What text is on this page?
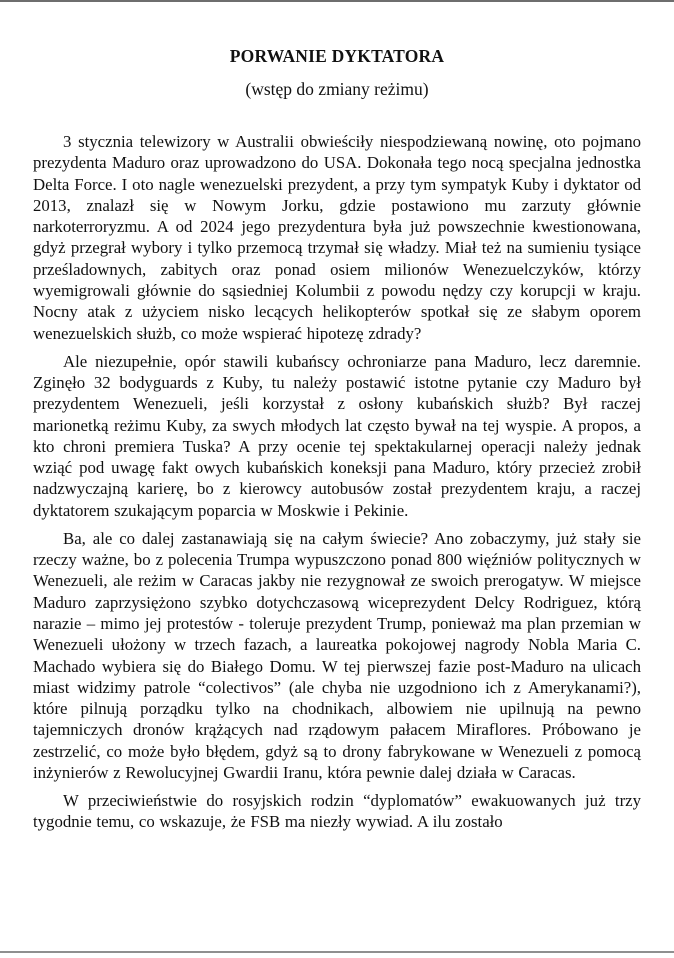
PORWANIE DYKTATORA
(wstęp do zmiany reżimu)

3 stycznia telewizory w Australii obwieściły niespodziewaną nowinę, oto pojmano prezydenta Maduro oraz uprowadzono do USA. Dokonała tego nocą specjalna jednostka Delta Force. I oto nagle wenezuelski prezydent, a przy tym sympatyk Kuby i dyktator od 2013, znalazł się w Nowym Jorku, gdzie postawiono mu zarzuty głównie narkoterroryzmu. A od 2024 jego prezydentura była już powszechnie kwestionowana, gdyż przegrał wybory i tylko przemocą trzymał się władzy. Miał też na sumieniu tysiące prześladownych, zabitych oraz ponad osiem milionów Wenezuelczyków, którzy wyemigrowali głównie do sąsiedniej Kolumbii z powodu nędzy czy korupcji w kraju. Nocny atak z użyciem nisko lecących helikopterów spotkał się ze słabym oporem wenezuelskich służb, co może wspierać hipotezę zdrady?

Ale niezupełnie, opór stawili kubańscy ochroniarze pana Maduro, lecz daremnie. Zginęło 32 bodyguards z Kuby, tu należy postawić istotne pytanie czy Maduro był prezydentem Wenezueli, jeśli korzystał z osłony kubańskich służb? Był raczej marionetką reżimu Kuby, za swych młodych lat często bywał na tej wyspie. A propos, a kto chroni premiera Tuska? A przy ocenie tej spektakularnej operacji należy jednak wziąć pod uwagę fakt owych kubańskich koneksji pana Maduro, który przecież zrobił nadzwyczajną karierę, bo z kierowcy autobusów został prezydentem kraju, a raczej dyktatorem szukającym poparcia w Moskwie i Pekinie.

Ba, ale co dalej zastanawiają się na całym świecie? Ano zobaczymy, już stały sie rzeczy ważne, bo z polecenia Trumpa wypuszczono ponad 800 więźniów politycznych w Wenezueli, ale reżim w Caracas jakby nie rezygnował ze swoich prerogatyw. W miejsce Maduro zaprzysiężono szybko dotychczasową wiceprezydent Delcy Rodriguez, którą narazie – mimo jej protestów - toleruje prezydent Trump, ponieważ ma plan przemian w Wenezueli ułożony w trzech fazach, a laureatka pokojowej nagrody Nobla Maria C. Machado wybiera się do Białego Domu. W tej pierwszej fazie post-Maduro na ulicach miast widzimy patrole “colectivos” (ale chyba nie uzgodniono ich z Amerykanami?), które pilnują porządku tylko na chodnikach, albowiem nie upilnują na pewno tajemniczych dronów krążących nad rządowym pałacem Miraflores. Próbowano je zestrzelić, co może było błędem, gdyż są to drony fabrykowane w Wenezueli z pomocą inżynierów z Rewolucyjnej Gwardii Iranu, która pewnie dalej działa w Caracas.

W przeciwieństwie do rosyjskich rodzin “dyplomatów” ewakuowanych już trzy tygodnie temu, co wskazuje, że FSB ma niezły wywiad. A ilu zostało
